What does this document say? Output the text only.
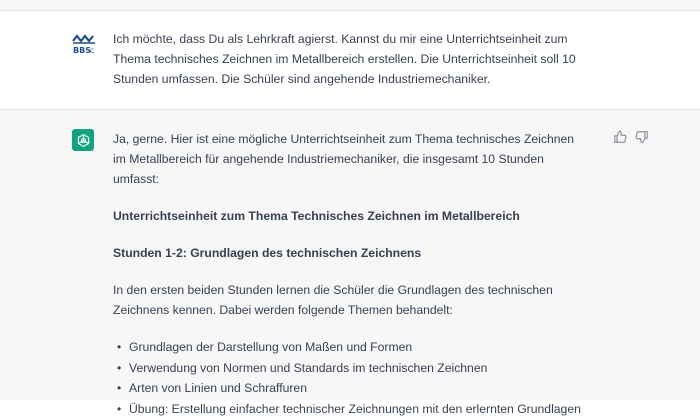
BBS C
Ich möchte, dass Du als Lehrkraft agierst. Kannst du mir eine Unterrichtseinheit zum Thema technisches Zeichnen im Metallbereich erstellen. Die Unterrichtseinheit soll 10 Stunden umfassen. Die Schüler sind angehende Industriemechaniker.

Ja, gerne. Hier ist eine mögliche Unterrichtseinheit zum Thema technisches Zeichnen im Metallbereich für angehende Industriemechaniker, die insgesamt 10 Stunden umfasst:

Unterrichtseinheit zum Thema Technisches Zeichnen im Metallbereich

Stunden 1-2: Grundlagen des technischen Zeichnens

In den ersten beiden Stunden lernen die Schüler die Grundlagen des technischen Zeichnens kennen. Dabei werden folgende Themen behandelt:

• Grundlagen der Darstellung von Maßen und Formen
• Verwendung von Normen und Standards im technischen Zeichnen
• Arten von Linien und Schraffuren
• Übung: Erstellung einfacher technischer Zeichnungen mit den erlernten Grundlagen
